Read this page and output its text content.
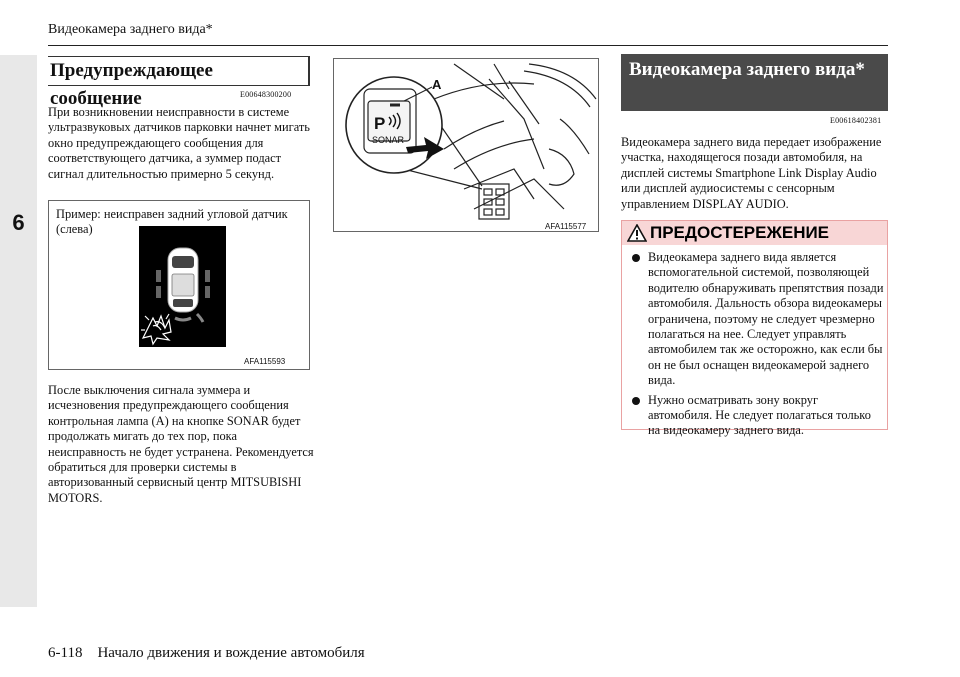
Видеокамера заднего вида*
6
Предупреждающее сообщение	E00648300200
При возникновении неисправности в системе ультразвуковых датчиков парковки начнет мигать окно предупреждающего сообщения для соответствующего датчика, а зуммер подаст сигнал длительностью примерно 5 секунд.
Пример: неисправен задний угловой датчик (слева)
AFA115593
После выключения сигнала зуммера и исчезновения предупреждающего сообщения контрольная лампа (A) на кнопке SONAR будет продолжать мигать до тех пор, пока неисправность не будет устранена. Рекомендуется обратиться для проверки системы в авторизованный сервисный центр MITSUBISHI MOTORS.
A
P
SONAR
AFA115577
Видеокамера заднего вида*
E00618402381
Видеокамера заднего вида передает изображение участка, находящегося позади автомобиля, на дисплей системы Smartphone Link Display Audio или дисплей аудиосистемы с сенсорным управлением DISPLAY AUDIO.
ПРЕДОСТЕРЕЖЕНИЕ
Видеокамера заднего вида является вспомогательной системой, позволяющей водителю обнаруживать препятствия позади автомобиля. Дальность обзора видеокамеры ограничена, поэтому не следует чрезмерно полагаться на нее. Следует управлять автомобилем так же осторожно, как если бы он не был оснащен видеокамерой заднего вида.
Нужно осматривать зону вокруг автомобиля. Не следует полагаться только на видеокамеру заднего вида.
6-118    Начало движения и вождение автомобиля
